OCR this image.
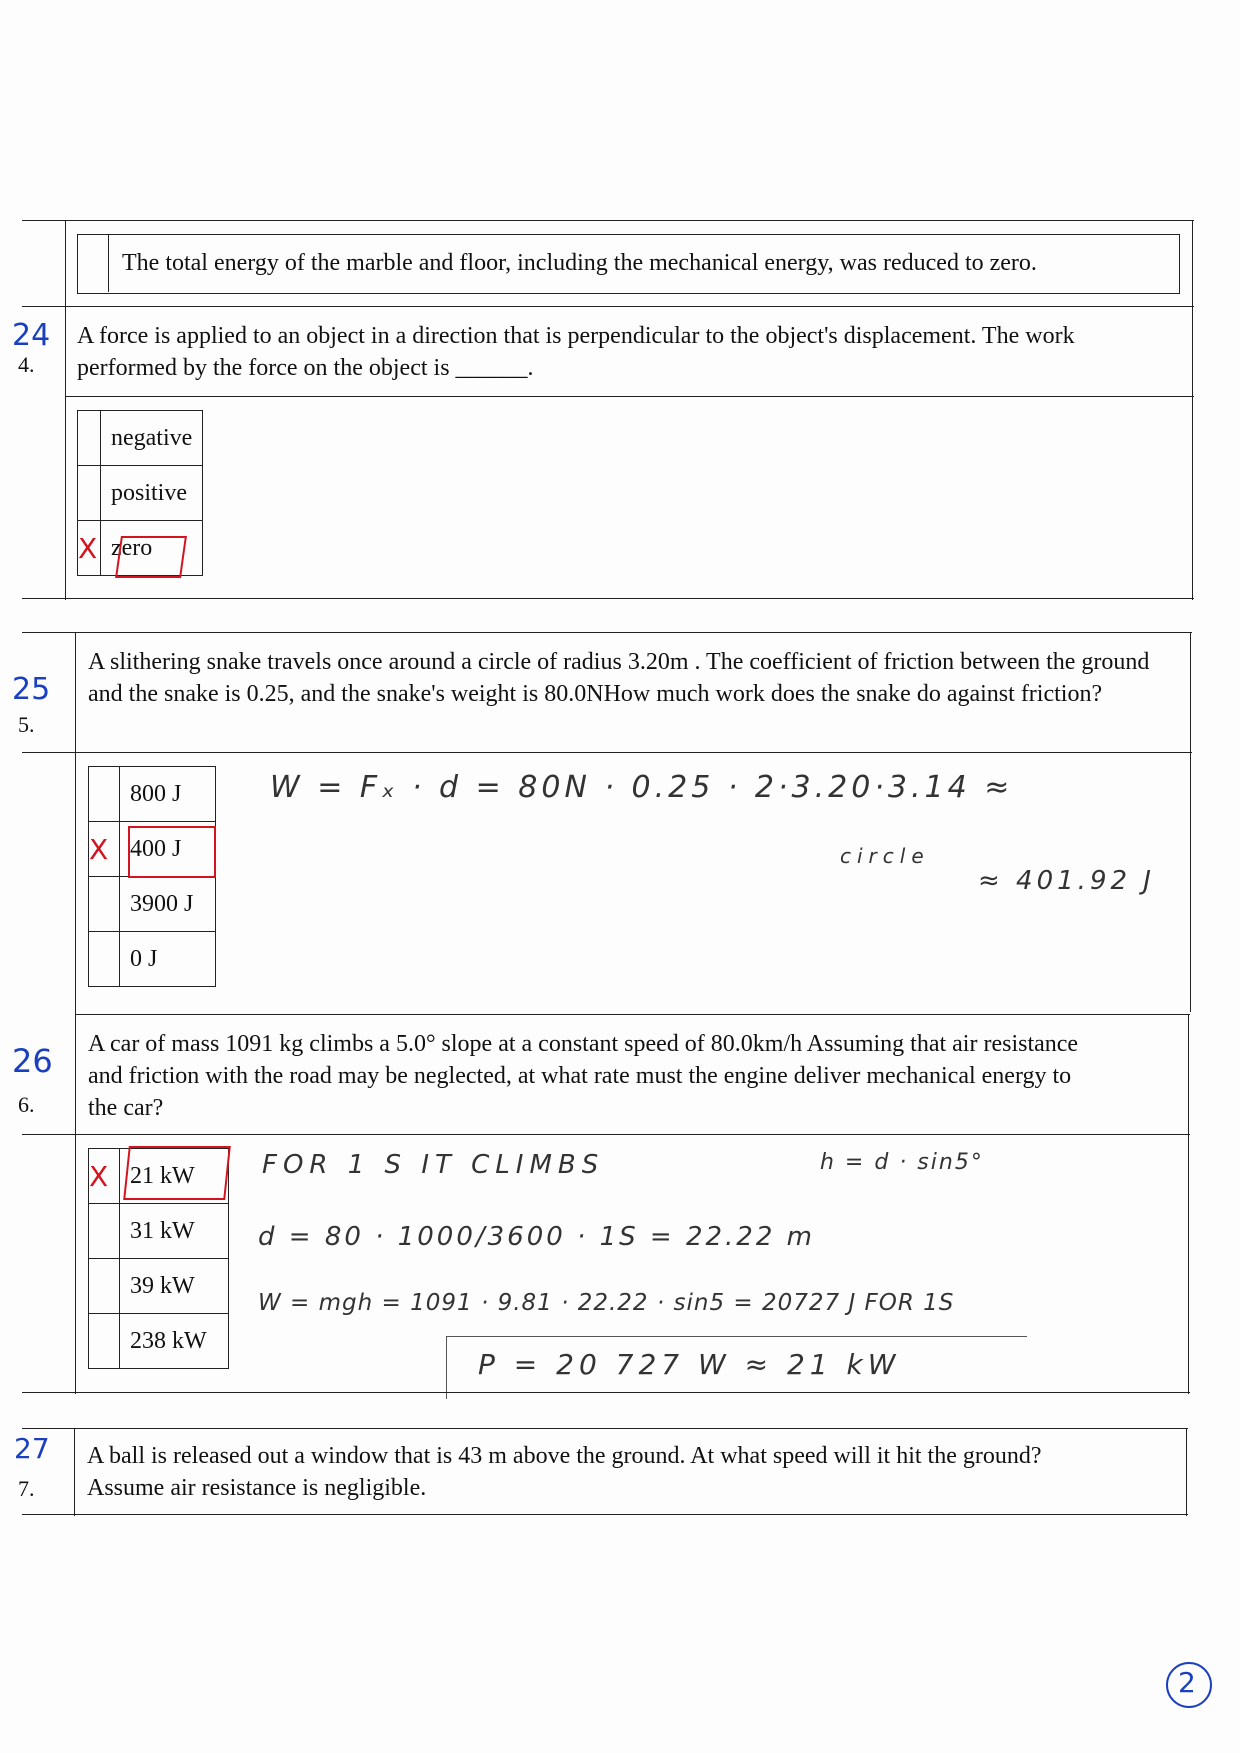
The total energy of the marble and floor, including the mechanical energy, was reduced to zero.
24
4.
A force is applied to an object in a direction that is perpendicular to the object's displacement. The work performed by the force on the object is ______.
	negative
	positive
X	zero
25
5.
A slithering snake travels once around a circle of radius 3.20m . The coefficient of friction between the ground and the snake is 0.25, and the snake's weight is 80.0NHow much work does the snake do against friction?
	800 J
X	400 J
	3900 J
	0 J
W = Fₓ · d = 80N · 0.25 · 2·3.20·3.14 ≈
circle
≈ 401.92 J
26
6.
A car of mass 1091 kg climbs a 5.0° slope at a constant speed of 80.0km/h Assuming that air resistance and friction with the road may be neglected, at what rate must the engine deliver mechanical energy to the car?
X	21 kW
	31 kW
	39 kW
	238 kW
FOR 1 S IT CLIMBS	h = d · sin5°
d = 80 · 1000/3600 · 1S = 22.22 m
W = mgh = 1091 · 9.81 · 22.22 · sin5 = 20727 J FOR 1S
P = 20 727 W ≈ 21 kW
27
7.
A ball is released out a window that is 43 m above the ground. At what speed will it hit the ground? Assume air resistance is negligible.
2
